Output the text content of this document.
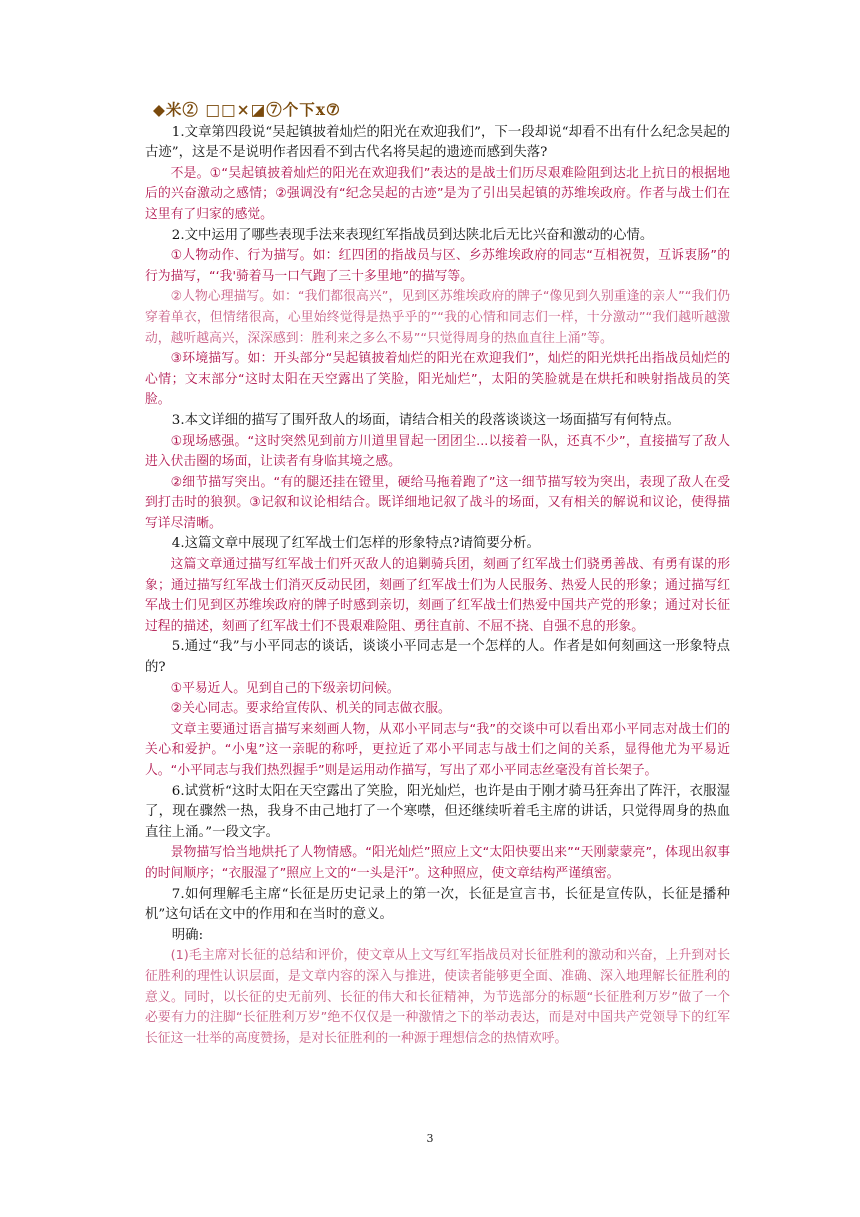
◆米② □□×◪⑦个下x⑦

1.文章第四段说“吴起镇披着灿烂的阳光在欢迎我们”，下一段却说“却看不出有什么纪念吴起的古迹”，这是不是说明作者因看不到古代名将吴起的遗迹而感到失落?

不是。①“吴起镇披着灿烂的阳光在欢迎我们”表达的是战士们历尽艰难险阻到达北上抗日的根据地后的兴奋激动之感情；②强调没有“纪念吴起的古迹”是为了引出吴起镇的苏维埃政府。作者与战士们在这里有了归家的感觉。

2.文中运用了哪些表现手法来表现红军指战员到达陕北后无比兴奋和激动的心情。

①人物动作、行为描写。如：红四团的指战员与区、乡苏维埃政府的同志“互相祝贺，互诉衷肠”的行为描写，“‘我'骑着马一口气跑了三十多里地”的描写等。

②人物心理描写。如：“我们都很高兴”，见到区苏维埃政府的牌子“像见到久别重逢的亲人”“我们仍穿着单衣，但情绪很高，心里始终觉得是热乎乎的”“我的心情和同志们一样，十分激动”“我们越听越激动，越听越高兴，深深感到：胜利来之多么不易”“只觉得周身的热血直往上涌”等。

③环境描写。如：开头部分“吴起镇披着灿烂的阳光在欢迎我们”，灿烂的阳光烘托出指战员灿烂的心情；文末部分“这时太阳在天空露出了笑脸，阳光灿烂”，太阳的笑脸就是在烘托和映射指战员的笑脸。

3.本文详细的描写了围歼敌人的场面，请结合相关的段落谈谈这一场面描写有何特点。

①现场感强。“这时突然见到前方川道里冒起一团团尘...以接着一队，还真不少”，直接描写了敌人进入伏击圈的场面，让读者有身临其境之感。

②细节描写突出。“有的腿还挂在镫里，硬给马拖着跑了”这一细节描写较为突出，表现了敌人在受到打击时的狼狈。③记叙和议论相结合。既详细地记叙了战斗的场面，又有相关的解说和议论，使得描写详尽清晰。

4.这篇文章中展现了红军战士们怎样的形象特点?请简要分析。

这篇文章通过描写红军战士们歼灭敌人的追剿骑兵团，刻画了红军战士们骁勇善战、有勇有谋的形象；通过描写红军战士们消灭反动民团，刻画了红军战士们为人民服务、热爱人民的形象；通过描写红军战士们见到区苏维埃政府的牌子时感到亲切，刻画了红军战士们热爱中国共产党的形象；通过对长征过程的描述，刻画了红军战士们不畏艰难险阻、勇往直前、不屈不挠、自强不息的形象。

5.通过“我”与小平同志的谈话，谈谈小平同志是一个怎样的人。作者是如何刻画这一形象特点的?

①平易近人。见到自己的下级亲切问候。

②关心同志。要求给宣传队、机关的同志做衣服。

文章主要通过语言描写来刻画人物，从邓小平同志与“我”的交谈中可以看出邓小平同志对战士们的关心和爱护。“小鬼”这一亲昵的称呼，更拉近了邓小平同志与战士们之间的关系，显得他尤为平易近人。“小平同志与我们热烈握手”则是运用动作描写，写出了邓小平同志丝毫没有首长架子。

6.试赏析“这时太阳在天空露出了笑脸，阳光灿烂，也许是由于刚才骑马狂奔出了阵汗，衣服湿了，现在骤然一热，我身不由己地打了一个寒噤，但还继续听着毛主席的讲话，只觉得周身的热血直往上涌。”一段文字。

景物描写恰当地烘托了人物情感。“阳光灿烂”照应上文“太阳快要出来”“天刚蒙蒙亮”，体现出叙事的时间顺序；“衣服湿了”照应上文的“一头是汗”。这种照应，使文章结构严谨缜密。

7.如何理解毛主席“长征是历史记录上的第一次，长征是宣言书，长征是宣传队，长征是播种机”这句话在文中的作用和在当时的意义。

明确:

(1)毛主席对长征的总结和评价，使文章从上文写红军指战员对长征胜利的激动和兴奋，上升到对长征胜利的理性认识层面，是文章内容的深入与推进，使读者能够更全面、准确、深入地理解长征胜利的意义。同时，以长征的史无前列、长征的伟大和长征精神，为节选部分的标题“长征胜利万岁”做了一个必要有力的注脚“长征胜利万岁”绝不仅仅是一种激情之下的举动表达，而是对中国共产党领导下的红军长征这一壮举的高度赞扬，是对长征胜利的一种源于理想信念的热情欢呼。

3
